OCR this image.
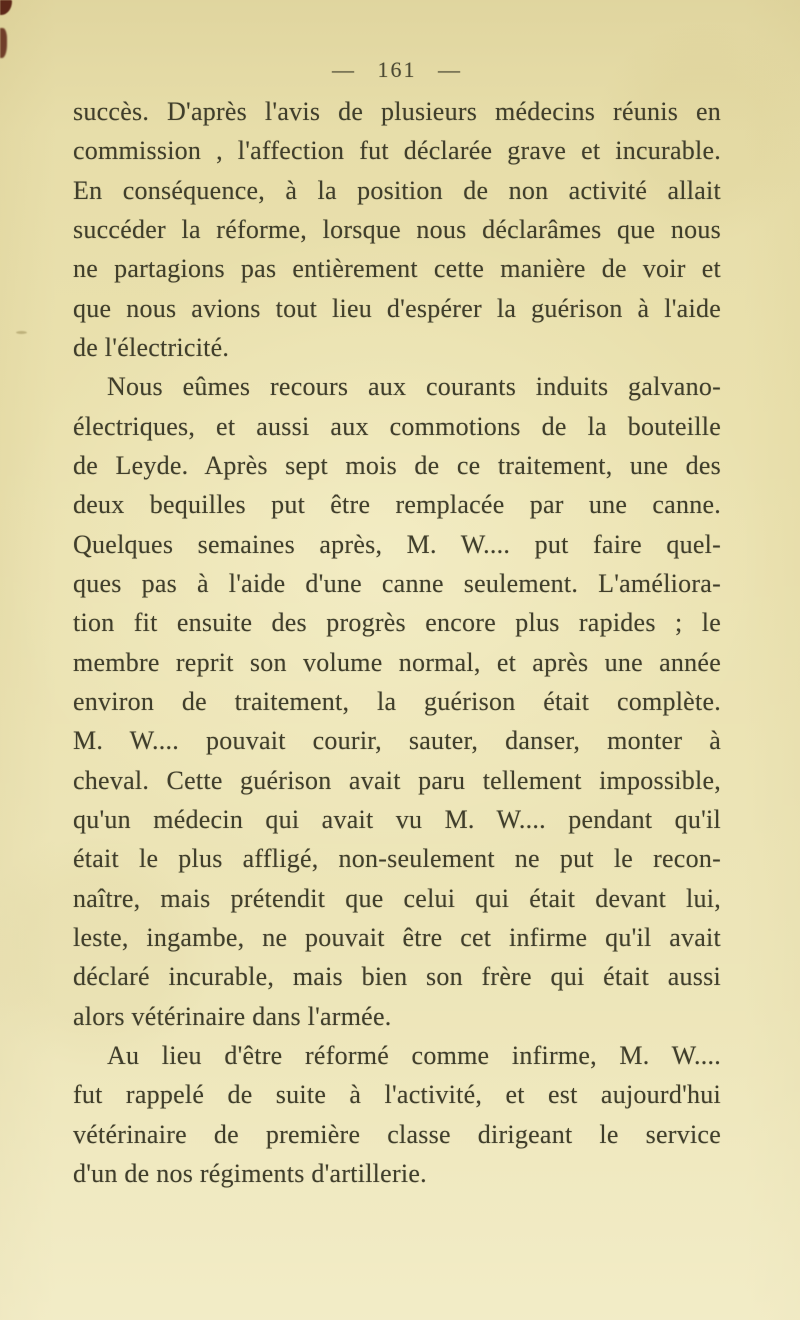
— 161 —
succès. D'après l'avis de plusieurs médecins réunis en
commission , l'affection fut déclarée grave et incurable.
En conséquence, à la position de non activité allait
succéder la réforme, lorsque nous déclarâmes que nous
ne partagions pas entièrement cette manière de voir et
que nous avions tout lieu d'espérer la guérison à l'aide
de l'électricité.
Nous eûmes recours aux courants induits galvano-
électriques, et aussi aux commotions de la bouteille
de Leyde. Après sept mois de ce traitement, une des
deux bequilles put être remplacée par une canne.
Quelques semaines après, M. W.... put faire quel-
ques pas à l'aide d'une canne seulement. L'améliora-
tion fit ensuite des progrès encore plus rapides ; le
membre reprit son volume normal, et après une année
environ de traitement, la guérison était complète.
M. W.... pouvait courir, sauter, danser, monter à
cheval. Cette guérison avait paru tellement impossible,
qu'un médecin qui avait vu M. W.... pendant qu'il
était le plus affligé, non-seulement ne put le recon-
naître, mais prétendit que celui qui était devant lui,
leste, ingambe, ne pouvait être cet infirme qu'il avait
déclaré incurable, mais bien son frère qui était aussi
alors vétérinaire dans l'armée.
Au lieu d'être réformé comme infirme, M. W....
fut rappelé de suite à l'activité, et est aujourd'hui
vétérinaire de première classe dirigeant le service
d'un de nos régiments d'artillerie.
